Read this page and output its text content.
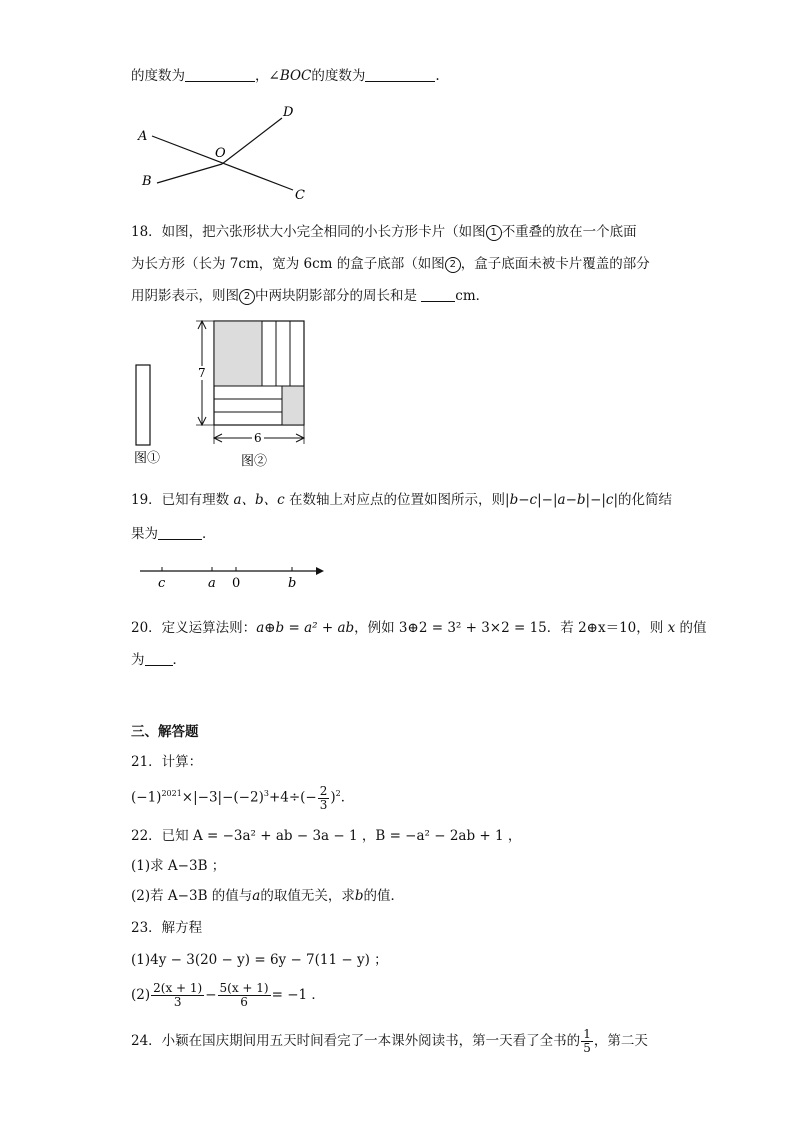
的度数为	，∠BOC的度数为	.
A
B
O
D
C
18．如图，把六张形状大小完全相同的小长方形卡片（如图 1 不重叠的放在一个底面
为长方形（长为 7cm，宽为 6cm 的盒子底部（如图 2 ，盒子底面未被卡片覆盖的部分
用阴影表示，则图 2 中两块阴影部分的周长和是	cm．
图①
7
6
图②
19．已知有理数 a、b、c 在数轴上对应点的位置如图所示，则|b−c|−|a−b|−|c|的化简结
果为	．
c	a 0	b
20．定义运算法则：a⊕b = a² + ab，例如 3⊕2 = 3² + 3×2 = 15．若 2⊕x＝10，则 x 的值
为 ．
三、解答题
21．计算：
$(-1)^{2021}\times|-3|-(-2)^3+4\div(- \frac{2}{3} )^2$．
22．已知 A = −3a² + ab − 3a − 1 ，B = −a² − 2ab + 1 ，
(1)求 A−3B ；
(2)若 A−3B 的值与a的取值无关，求b的值．
23．解方程
(1)4y − 3(20 − y) = 6y − 7(11 − y) ；
$(2) \frac{2(x + 1)}{3} - \frac{5(x + 1)}{6} = -1$ ．
24．小颖在国庆期间用五天时间看完了一本课外阅读书，第一天看了全书的 $\frac{1}{5}$ ，第二天
